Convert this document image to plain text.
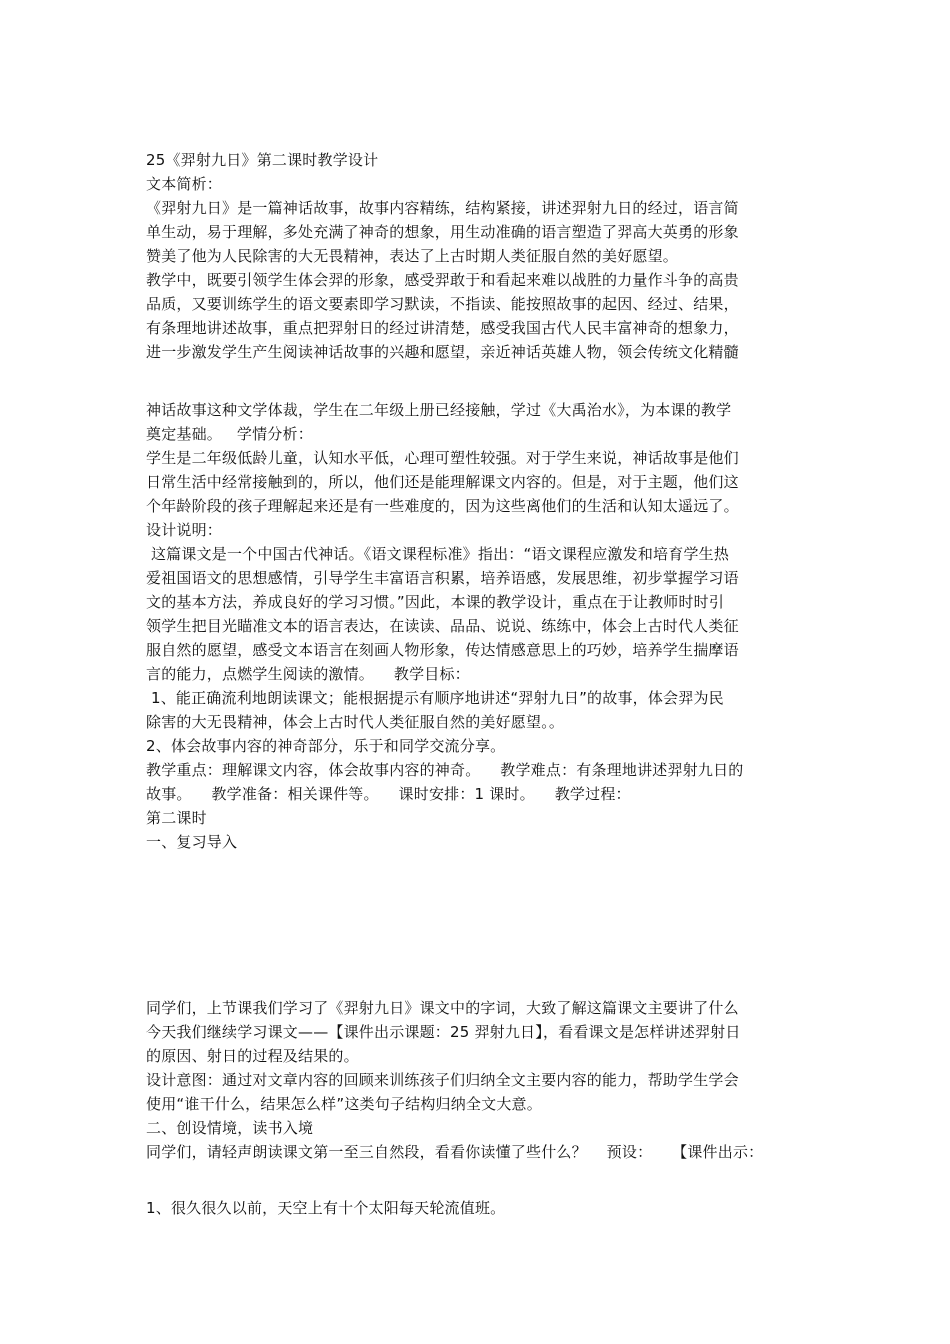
25《羿射九日》第二课时教学设计
文本简析：
《羿射九日》是一篇神话故事，故事内容精练，结构紧接，讲述羿射九日的经过，语言简
单生动，易于理解，多处充满了神奇的想象，用生动准确的语言塑造了羿高大英勇的形象
赞美了他为人民除害的大无畏精神，表达了上古时期人类征服自然的美好愿望。
教学中，既要引领学生体会羿的形象，感受羿敢于和看起来难以战胜的力量作斗争的高贵
品质，又要训练学生的语文要素即学习默读，不指读、能按照故事的起因、经过、结果，
有条理地讲述故事，重点把羿射日的经过讲清楚，感受我国古代人民丰富神奇的想象力，
进一步激发学生产生阅读神话故事的兴趣和愿望，亲近神话英雄人物，领会传统文化精髓
神话故事这种文学体裁，学生在二年级上册已经接触，学过《大禹治水》，为本课的教学
奠定基础。   学情分析：
学生是二年级低龄儿童，认知水平低，心理可塑性较强。对于学生来说，神话故事是他们
日常生活中经常接触到的，所以，他们还是能理解课文内容的。但是，对于主题，他们这
个年龄阶段的孩子理解起来还是有一些难度的，因为这些离他们的生活和认知太遥远了。
设计说明：
这篇课文是一个中国古代神话。《语文课程标准》指出：“语文课程应激发和培育学生热
爱祖国语文的思想感情，引导学生丰富语言积累，培养语感，发展思维，初步掌握学习语
文的基本方法，养成良好的学习习惯。”因此，本课的教学设计，重点在于让教师时时引
领学生把目光瞄准文本的语言表达，在读读、品品、说说、练练中，体会上古时代人类征
服自然的愿望，感受文本语言在刻画人物形象，传达情感意思上的巧妙，培养学生揣摩语
言的能力，点燃学生阅读的激情。    教学目标：
1、能正确流利地朗读课文；能根据提示有顺序地讲述“羿射九日”的故事，体会羿为民
除害的大无畏精神，体会上古时代人类征服自然的美好愿望。。
2、体会故事内容的神奇部分，乐于和同学交流分享。
教学重点：理解课文内容，体会故事内容的神奇。    教学难点：有条理地讲述羿射九日的
故事。    教学准备：相关课件等。    课时安排：1 课时。    教学过程：
第二课时
一、复习导入
同学们，上节课我们学习了《羿射九日》课文中的字词，大致了解这篇课文主要讲了什么
今天我们继续学习课文——【课件出示课题：25 羿射九日】，看看课文是怎样讲述羿射日
的原因、射日的过程及结果的。
设计意图：通过对文章内容的回顾来训练孩子们归纳全文主要内容的能力，帮助学生学会
使用“谁干什么，结果怎么样”这类句子结构归纳全文大意。
二、创设情境，读书入境
同学们，请轻声朗读课文第一至三自然段，看看你读懂了些什么？    预设：    【课件出示：
1、很久很久以前，天空上有十个太阳每天轮流值班。
